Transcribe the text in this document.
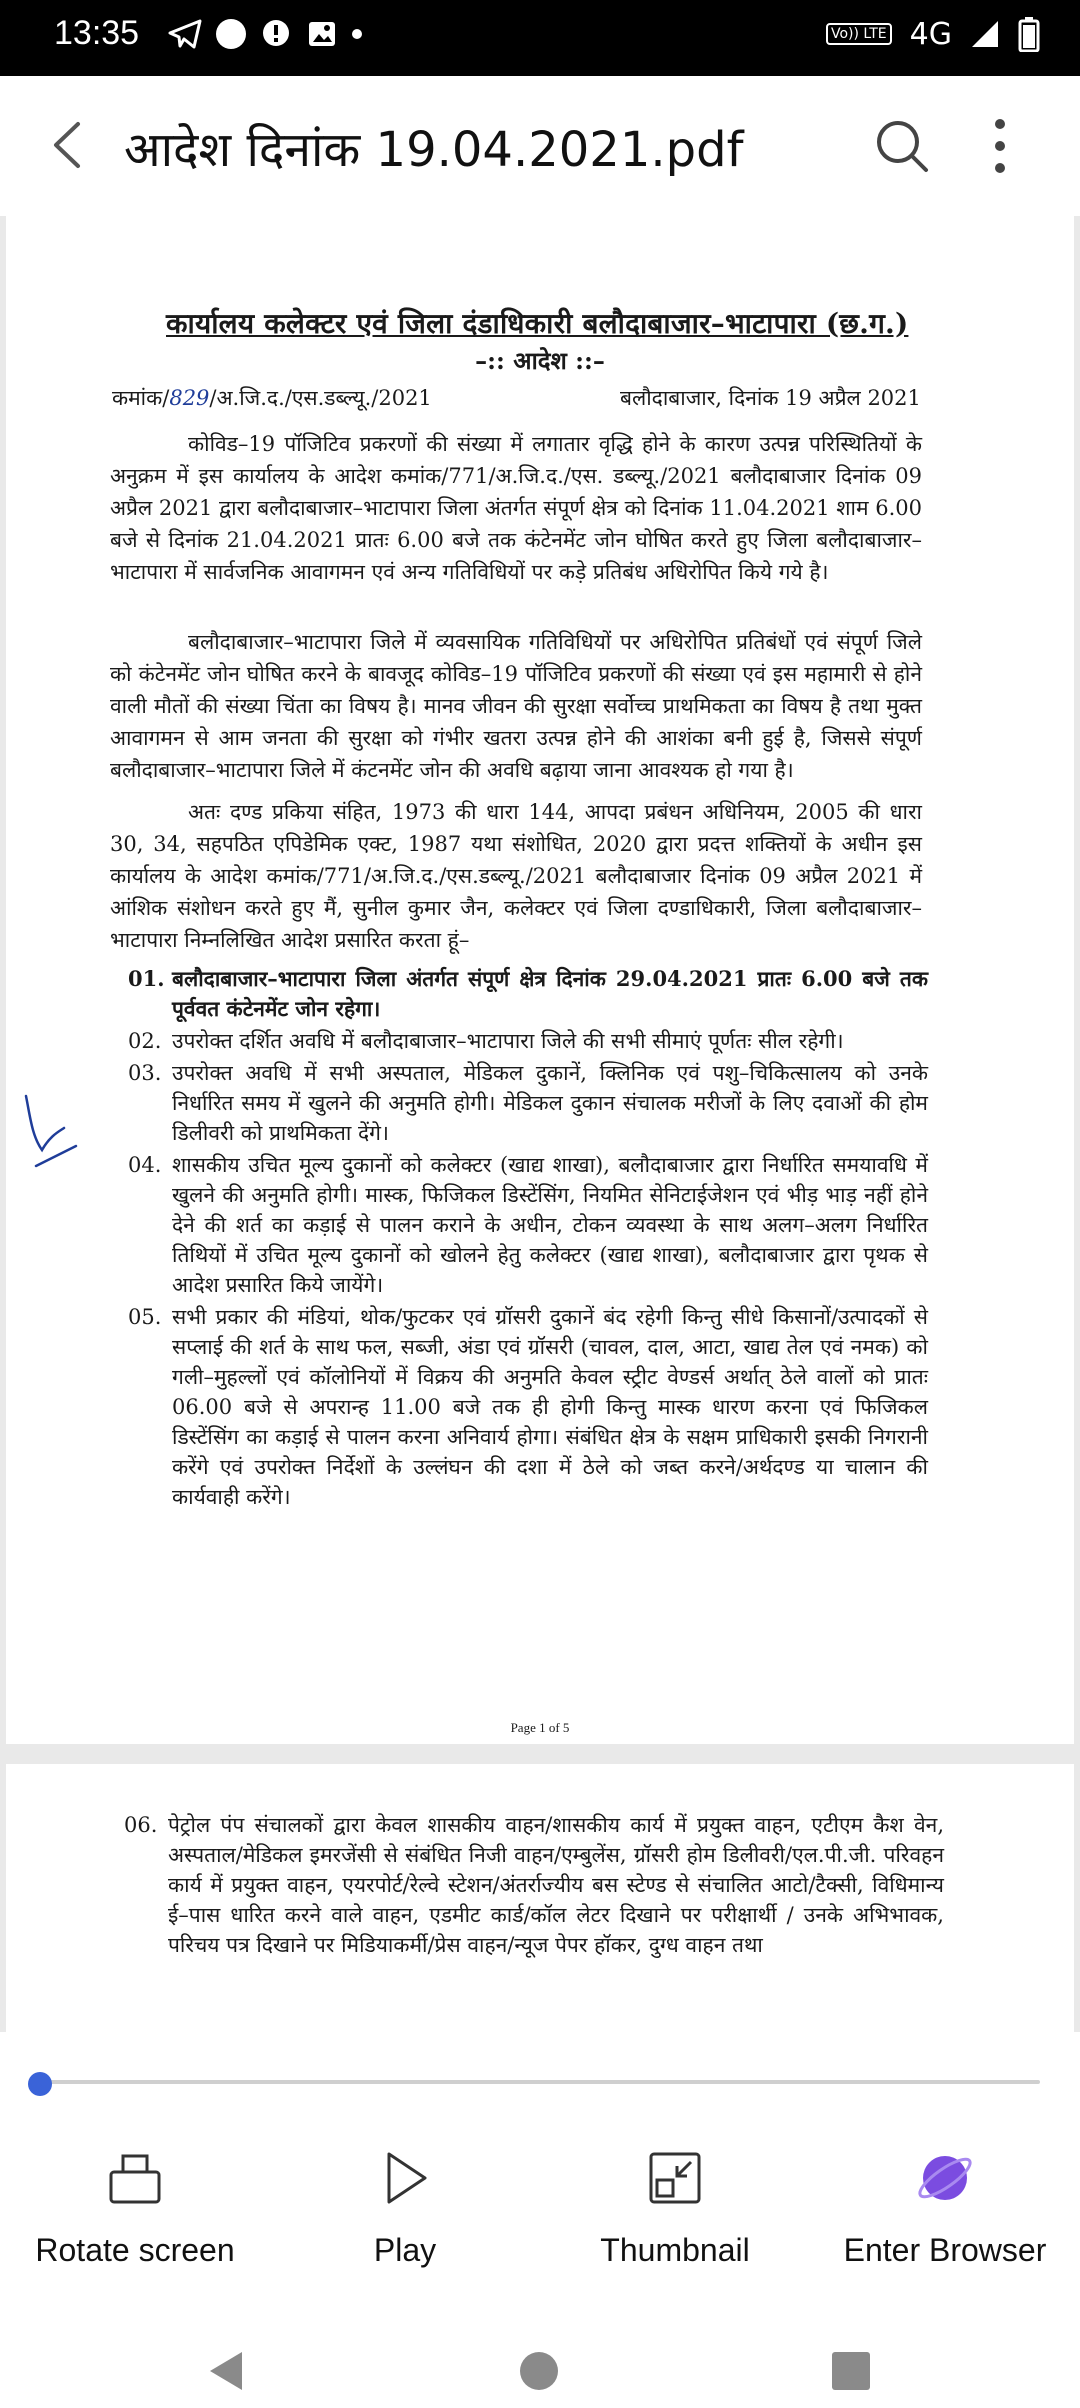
13:35	Vo)) LTE 4G
आदेश दिनांक 19.04.2021.pdf
कार्यालय कलेक्टर एवं जिला दंडाधिकारी बलौदाबाजार–भाटापारा (छ.ग.)
–:: आदेश ::–
कमांक/829/अ.जि.द./एस.डब्ल्यू./2021	बलौदाबाजार, दिनांक 19 अप्रैल 2021
कोविड–19 पॉजिटिव प्रकरणों की संख्या में लगातार वृद्धि होने के कारण उत्पन्न परिस्थितियों के अनुक्रम में इस कार्यालय के आदेश कमांक/771/अ.जि.द./एस. डब्ल्यू./2021 बलौदाबाजार दिनांक 09 अप्रैल 2021 द्वारा बलौदाबाजार–भाटापारा जिला अंतर्गत संपूर्ण क्षेत्र को दिनांक 11.04.2021 शाम 6.00 बजे से दिनांक 21.04.2021 प्रातः 6.00 बजे तक कंटेनमेंट जोन घोषित करते हुए जिला बलौदाबाजार–भाटापारा में सार्वजनिक आवागमन एवं अन्य गतिविधियों पर कड़े प्रतिबंध अधिरोपित किये गये है।
बलौदाबाजार–भाटापारा जिले में व्यवसायिक गतिविधियों पर अधिरोपित प्रतिबंधों एवं संपूर्ण जिले को कंटेनमेंट जोन घोषित करने के बावजूद कोविड–19 पॉजिटिव प्रकरणों की संख्या एवं इस महामारी से होने वाली मौतों की संख्या चिंता का विषय है। मानव जीवन की सुरक्षा सर्वोच्च प्राथमिकता का विषय है तथा मुक्त आवागमन से आम जनता की सुरक्षा को गंभीर खतरा उत्पन्न होने की आशंका बनी हुई है, जिससे संपूर्ण बलौदाबाजार–भाटापारा जिले में कंटनमेंट जोन की अवधि बढ़ाया जाना आवश्यक हो गया है।
अतः दण्ड प्रकिया संहित, 1973 की धारा 144, आपदा प्रबंधन अधिनियम, 2005 की धारा 30, 34, सहपठित एपिडेमिक एक्ट, 1987 यथा संशोधित, 2020 द्वारा प्रदत्त शक्तियों के अधीन इस कार्यालय के आदेश कमांक/771/अ.जि.द./एस.डब्ल्यू./2021 बलौदाबाजार दिनांक 09 अप्रैल 2021 में आंशिक संशोधन करते हुए मैं, सुनील कुमार जैन, कलेक्टर एवं जिला दण्डाधिकारी, जिला बलौदाबाजार–भाटापारा निम्नलिखित आदेश प्रसारित करता हूं–
01. बलौदाबाजार–भाटापारा जिला अंतर्गत संपूर्ण क्षेत्र दिनांक 29.04.2021 प्रातः 6.00 बजे तक पूर्ववत कंटेनमेंट जोन रहेगा।
02. उपरोक्त दर्शित अवधि में बलौदाबाजार–भाटापारा जिले की सभी सीमाएं पूर्णतः सील रहेगी।
03. उपरोक्त अवधि में सभी अस्पताल, मेडिकल दुकानें, क्लिनिक एवं पशु–चिकित्सालय को उनके निर्धारित समय में खुलने की अनुमति होगी। मेडिकल दुकान संचालक मरीजों के लिए दवाओं की होम डिलीवरी को प्राथमिकता देंगे।
04. शासकीय उचित मूल्य दुकानों को कलेक्टर (खाद्य शाखा), बलौदाबाजार द्वारा निर्धारित समयावधि में खुलने की अनुमति होगी। मास्क, फिजिकल डिस्टेंसिंग, नियमित सेनिटाईजेशन एवं भीड़ भाड़ नहीं होने देने की शर्त का कड़ाई से पालन कराने के अधीन, टोकन व्यवस्था के साथ अलग–अलग निर्धारित तिथियों में उचित मूल्य दुकानों को खोलने हेतु कलेक्टर (खाद्य शाखा), बलौदाबाजार द्वारा पृथक से आदेश प्रसारित किये जायेंगे।
05. सभी प्रकार की मंडियां, थोक/फुटकर एवं ग्रॉसरी दुकानें बंद रहेगी किन्तु सीधे किसानों/उत्पादकों से सप्लाई की शर्त के साथ फल, सब्जी, अंडा एवं ग्रॉसरी (चावल, दाल, आटा, खाद्य तेल एवं नमक) को गली–मुहल्लों एवं कॉलोनियों में विक्रय की अनुमति केवल स्ट्रीट वेण्डर्स अर्थात् ठेले वालों को प्रातः 06.00 बजे से अपरान्ह 11.00 बजे तक ही होगी किन्तु मास्क धारण करना एवं फिजिकल डिस्टेंसिंग का कड़ाई से पालन करना अनिवार्य होगा। संबंधित क्षेत्र के सक्षम प्राधिकारी इसकी निगरानी करेंगे एवं उपरोक्त निर्देशों के उल्लंघन की दशा में ठेले को जब्त करने/अर्थदण्ड या चालान की कार्यवाही करेंगे।
Page 1 of 5
06. पेट्रोल पंप संचालकों द्वारा केवल शासकीय वाहन/शासकीय कार्य में प्रयुक्त वाहन, एटीएम कैश वेन, अस्पताल/मेडिकल इमरजेंसी से संबंधित निजी वाहन/एम्बुलेंस, ग्रॉसरी होम डिलीवरी/एल.पी.जी. परिवहन कार्य में प्रयुक्त वाहन, एयरपोर्ट/रेल्वे स्टेशन/अंतर्राज्यीय बस स्टेण्ड से संचालित आटो/टैक्सी, विधिमान्य ई–पास धारित करने वाले वाहन, एडमीट कार्ड/कॉल लेटर दिखाने पर परीक्षार्थी / उनके अभिभावक, परिचय पत्र दिखाने पर मिडियाकर्मी/प्रेस वाहन/न्यूज पेपर हॉकर, दुग्ध वाहन तथा
Rotate screen	Play	Thumbnail	Enter Browser
